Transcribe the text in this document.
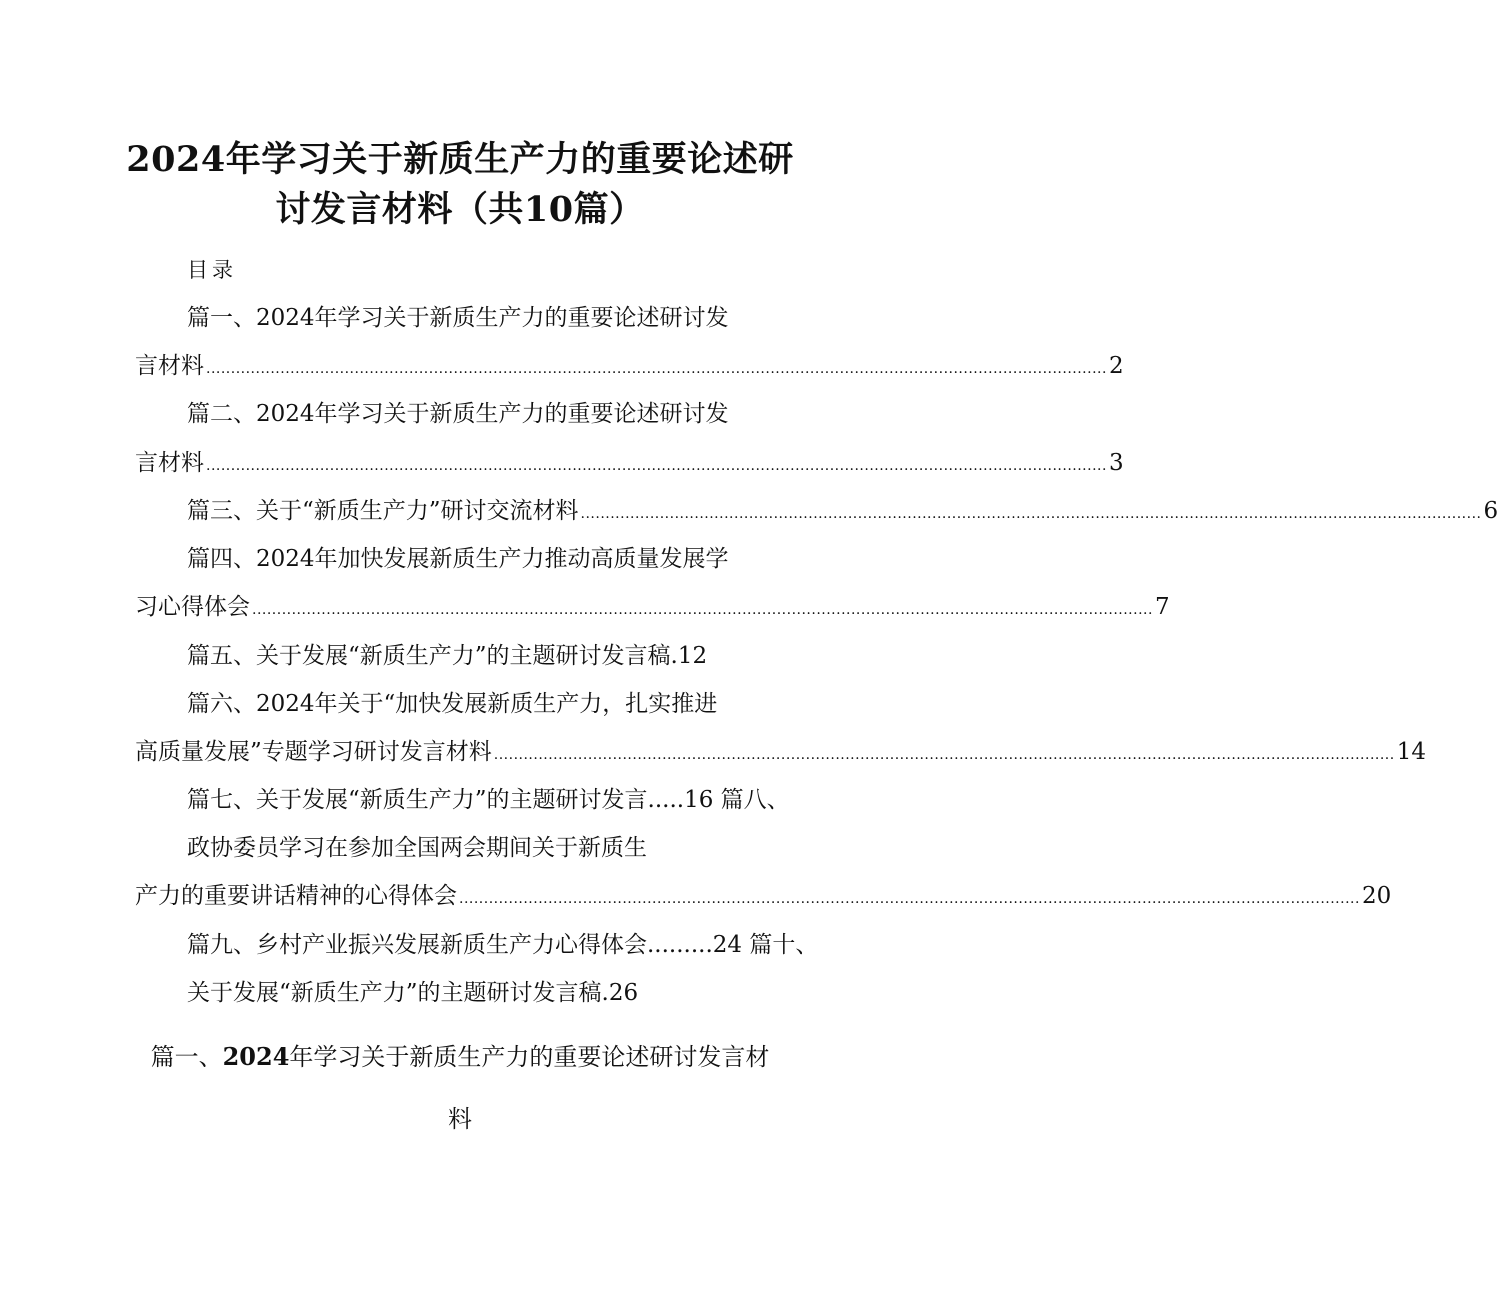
2024年学习关于新质生产力的重要论述研
讨发言材料（共10篇）
目录
篇一、2024年学习关于新质生产力的重要论述研讨发
言材料 ...................................................................................................................................................................................... 2
篇二、2024年学习关于新质生产力的重要论述研讨发
言材料 ...................................................................................................................................................................................... 3
篇三、关于“新质生产力”研讨交流材料 ...................................................................................................................................................................................... 6
篇四、2024年加快发展新质生产力推动高质量发展学
习心得体会 ...................................................................................................................................................................................... 7
篇五、关于发展“新质生产力”的主题研讨发言稿.12
篇六、2024年关于“加快发展新质生产力，扎实推进
高质量发展”专题学习研讨发言材料 ...................................................................................................................................................................................... 14
篇七、关于发展“新质生产力”的主题研讨发言.....16 篇八、
政协委员学习在参加全国两会期间关于新质生
产力的重要讲话精神的心得体会 ...................................................................................................................................................................................... 20
篇九、乡村产业振兴发展新质生产力心得体会.........24 篇十、
关于发展“新质生产力”的主题研讨发言稿.26
篇一、2024年学习关于新质生产力的重要论述研讨发言材
料
